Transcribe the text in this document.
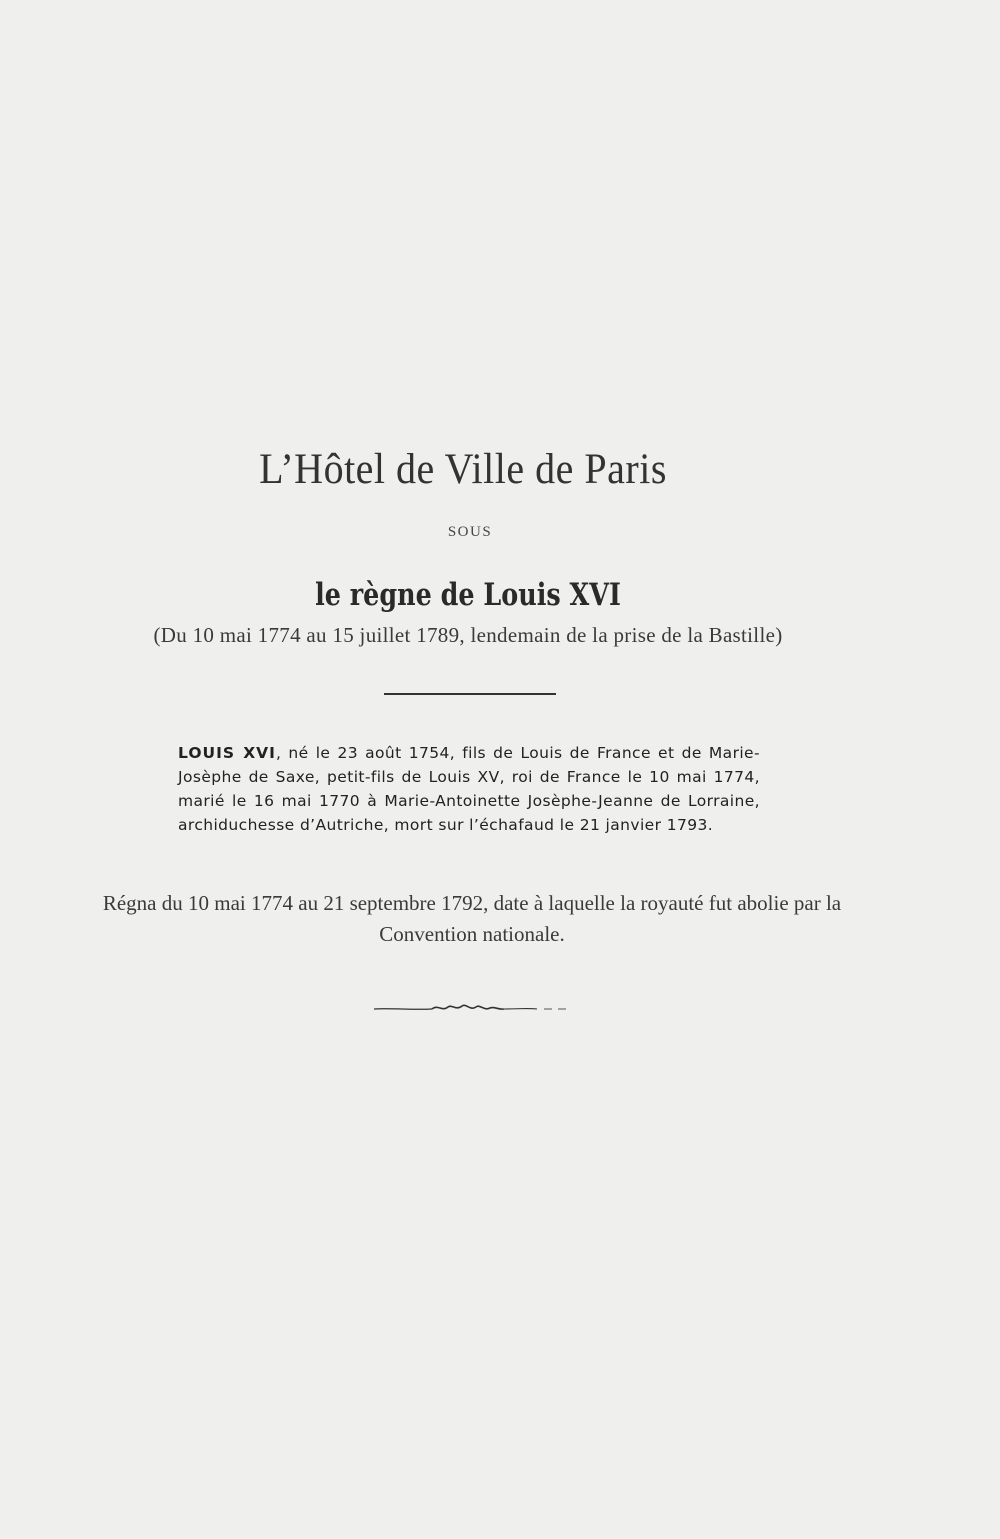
L’Hôtel de Ville de Paris
SOUS
le règne de Louis XVI
(Du 10 mai 1774 au 15 juillet 1789, lendemain de la prise de la Bastille)
LOUIS XVI, né le 23 août 1754, fils de Louis de France et de Marie-Josèphe de Saxe, petit-fils de Louis XV, roi de France le 10 mai 1774, marié le 16 mai 1770 à Marie-Antoinette Josèphe-Jeanne de Lorraine, archiduchesse d’Autriche, mort sur l’échafaud le 21 janvier 1793.
Régna du 10 mai 1774 au 21 septembre 1792, date à laquelle la royauté fut abolie par la Convention nationale.
